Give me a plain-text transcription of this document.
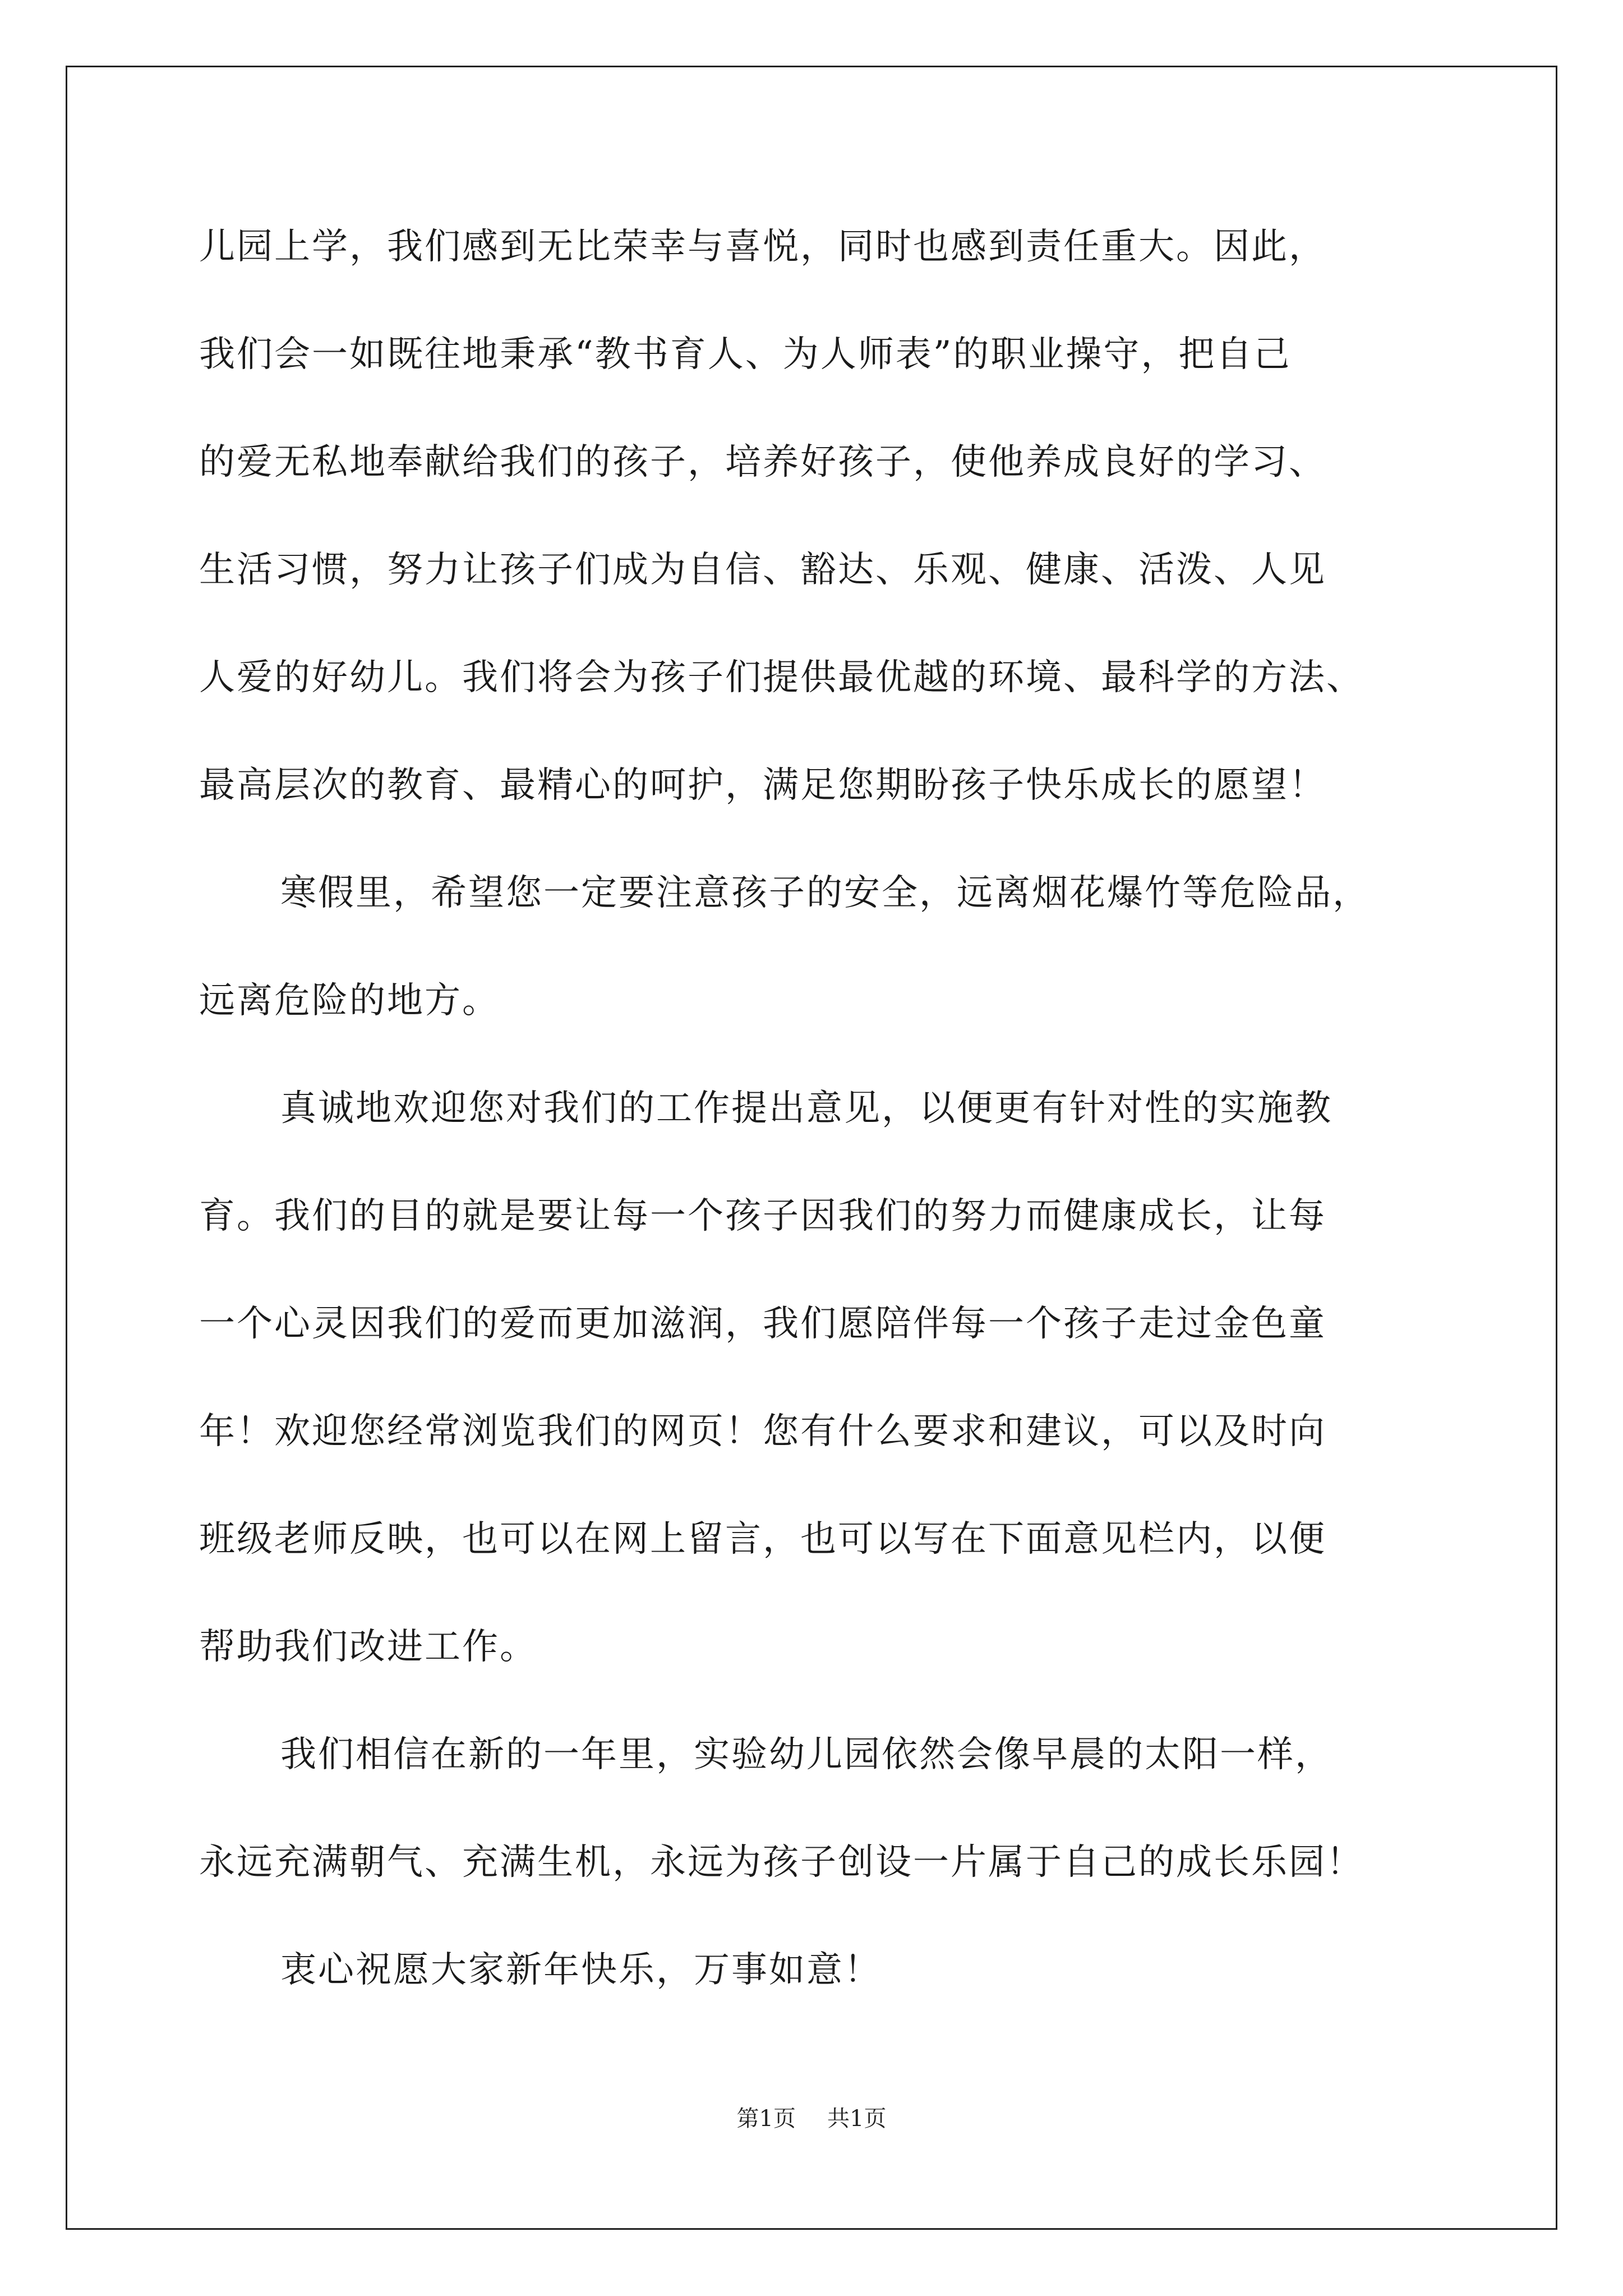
儿园上学，我们感到无比荣幸与喜悦，同时也感到责任重大。因此，
我们会一如既往地秉承“教书育人、为人师表”的职业操守，把自己
的爱无私地奉献给我们的孩子，培养好孩子，使他养成良好的学习、
生活习惯，努力让孩子们成为自信、豁达、乐观、健康、活泼、人见
人爱的好幼儿。我们将会为孩子们提供最优越的环境、最科学的方法、
最高层次的教育、最精心的呵护，满足您期盼孩子快乐成长的愿望！
寒假里，希望您一定要注意孩子的安全，远离烟花爆竹等危险品，
远离危险的地方。
真诚地欢迎您对我们的工作提出意见，以便更有针对性的实施教
育。我们的目的就是要让每一个孩子因我们的努力而健康成长，让每
一个心灵因我们的爱而更加滋润，我们愿陪伴每一个孩子走过金色童
年！欢迎您经常浏览我们的网页！您有什么要求和建议，可以及时向
班级老师反映，也可以在网上留言，也可以写在下面意见栏内，以便
帮助我们改进工作。
我们相信在新的一年里，实验幼儿园依然会像早晨的太阳一样，
永远充满朝气、充满生机，永远为孩子创设一片属于自己的成长乐园！
衷心祝愿大家新年快乐，万事如意！
第1页 共1页
